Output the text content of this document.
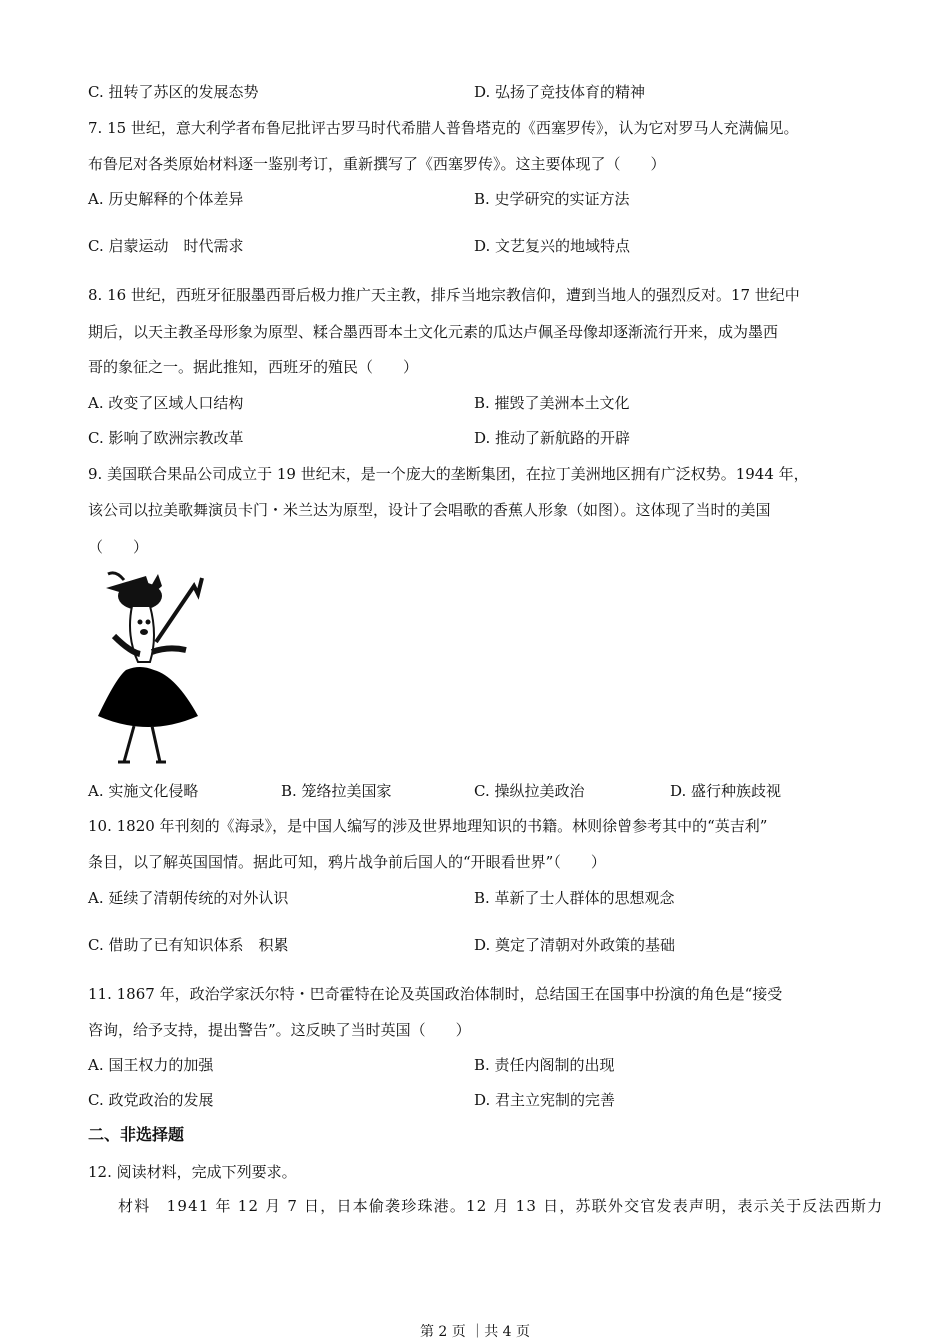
C. 扭转了苏区的发展态势	D. 弘扬了竞技体育的精神
7. 15 世纪，意大利学者布鲁尼批评古罗马时代希腊人普鲁塔克的《西塞罗传》，认为它对罗马人充满偏见。
布鲁尼对各类原始材料逐一鉴别考订，重新撰写了《西塞罗传》。这主要体现了（　　）
A. 历史解释的个体差异	B. 史学研究的实证方法
C. 启蒙运动　时代需求	D. 文艺复兴的地域特点
8. 16 世纪，西班牙征服墨西哥后极力推广天主教，排斥当地宗教信仰，遭到当地人的强烈反对。17 世纪中
期后，以天主教圣母形象为原型、糅合墨西哥本土文化元素的瓜达卢佩圣母像却逐渐流行开来，成为墨西
哥的象征之一。据此推知，西班牙的殖民（　　）
A. 改变了区域人口结构	B. 摧毁了美洲本土文化
C. 影响了欧洲宗教改革	D. 推动了新航路的开辟
9. 美国联合果品公司成立于 19 世纪末，是一个庞大的垄断集团，在拉丁美洲地区拥有广泛权势。1944 年，
该公司以拉美歌舞演员卡门・米兰达为原型，设计了会唱歌的香蕉人形象（如图）。这体现了当时的美国
（　　）
A. 实施文化侵略	B. 笼络拉美国家	C. 操纵拉美政治	D. 盛行种族歧视
10. 1820 年刊刻的《海录》，是中国人编写的涉及世界地理知识的书籍。林则徐曾参考其中的“英吉利”
条目，以了解英国国情。据此可知，鸦片战争前后国人的“开眼看世界”（　　）
A. 延续了清朝传统的对外认识	B. 革新了士人群体的思想观念
C. 借助了已有知识体系　积累	D. 奠定了清朝对外政策的基础
11. 1867 年，政治学家沃尔特・巴奇霍特在论及英国政治体制时，总结国王在国事中扮演的角色是“接受
咨询，给予支持，提出警告”。这反映了当时英国（　　）
A. 国王权力的加强	B. 责任内阁制的出现
C. 政党政治的发展	D. 君主立宪制的完善
二、非选择题
12. 阅读材料，完成下列要求。
材料　1941 年 12 月 7 日，日本偷袭珍珠港。12 月 13 日，苏联外交官发表声明，表示关于反法西斯力
第 2 页 ｜共 4 页
